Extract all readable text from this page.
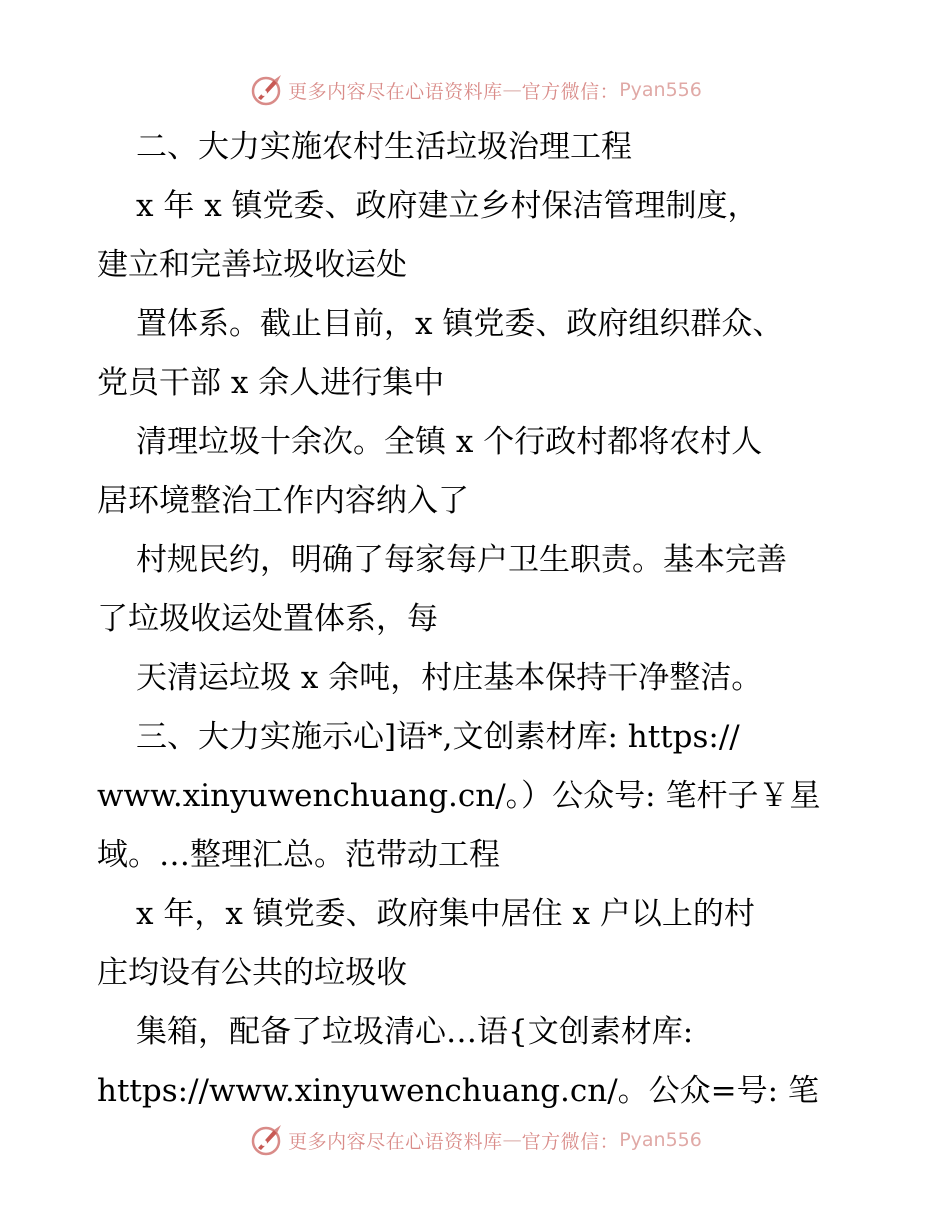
更多内容尽在心语资料库 — 官方微信： Pyan556
二、大力实施农村生活垃圾治理工程
x 年 x 镇党委、政府建立乡村保洁管理制度，
建立和完善垃圾收运处
置体系。截止目前，x 镇党委、政府组织群众、
党员干部 x 余人进行集中
清理垃圾十余次。全镇 x 个行政村都将农村人
居环境整治工作内容纳入了
村规民约，明确了每家每户卫生职责。基本完善
了垃圾收运处置体系，每
天清运垃圾 x 余吨，村庄基本保持干净整洁。
三、大力实施示心]语*,文创素材库: https://
www.xinyuwenchuang.cn/。）公众号: 笔杆子￥星
域。…整理汇总。范带动工程
x 年，x 镇党委、政府集中居住 x 户以上的村
庄均设有公共的垃圾收
集箱，配备了垃圾清心…语{文创素材库:
https://www.xinyuwenchuang.cn/。公众=号: 笔
更多内容尽在心语资料库 — 官方微信： Pyan556
